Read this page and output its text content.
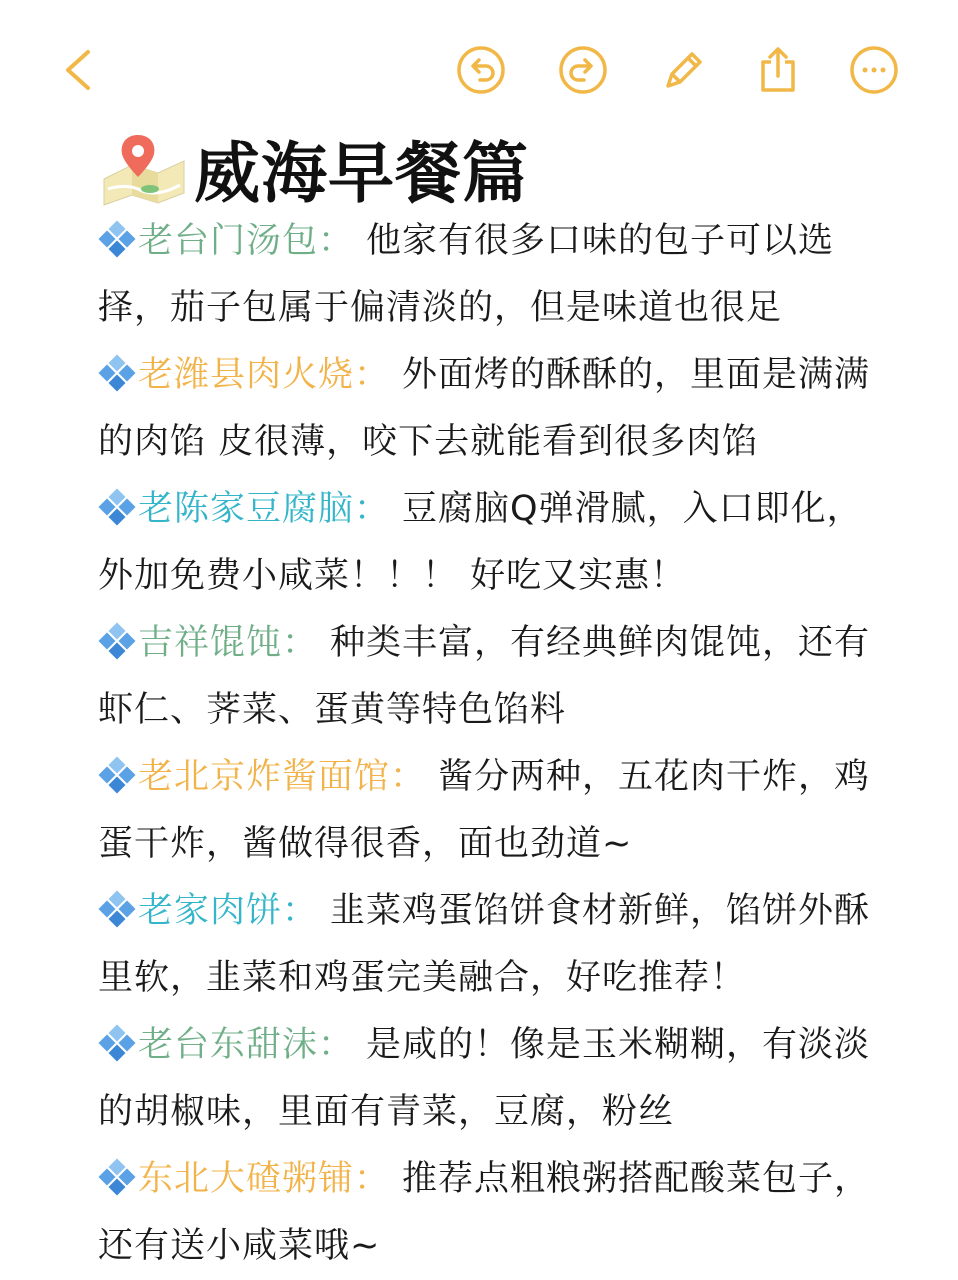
威海早餐篇
老台门汤包： 他家有很多口味的包子可以选择，茄子包属于偏清淡的，但是味道也很足
老潍县肉火烧： 外面烤的酥酥的，里面是满满的肉馅 皮很薄，咬下去就能看到很多肉馅
老陈家豆腐脑： 豆腐脑Q弹滑腻，入口即化，外加免费小咸菜！！！ 好吃又实惠！
吉祥馄饨： 种类丰富，有经典鲜肉馄饨，还有虾仁、荠菜、蛋黄等特色馅料
老北京炸酱面馆： 酱分两种，五花肉干炸，鸡蛋干炸，酱做得很香，面也劲道~
老家肉饼： 韭菜鸡蛋馅饼食材新鲜，馅饼外酥里软，韭菜和鸡蛋完美融合，好吃推荐！
老台东甜沫： 是咸的！像是玉米糊糊，有淡淡的胡椒味，里面有青菜，豆腐，粉丝
东北大碴粥铺： 推荐点粗粮粥搭配酸菜包子，还有送小咸菜哦~
